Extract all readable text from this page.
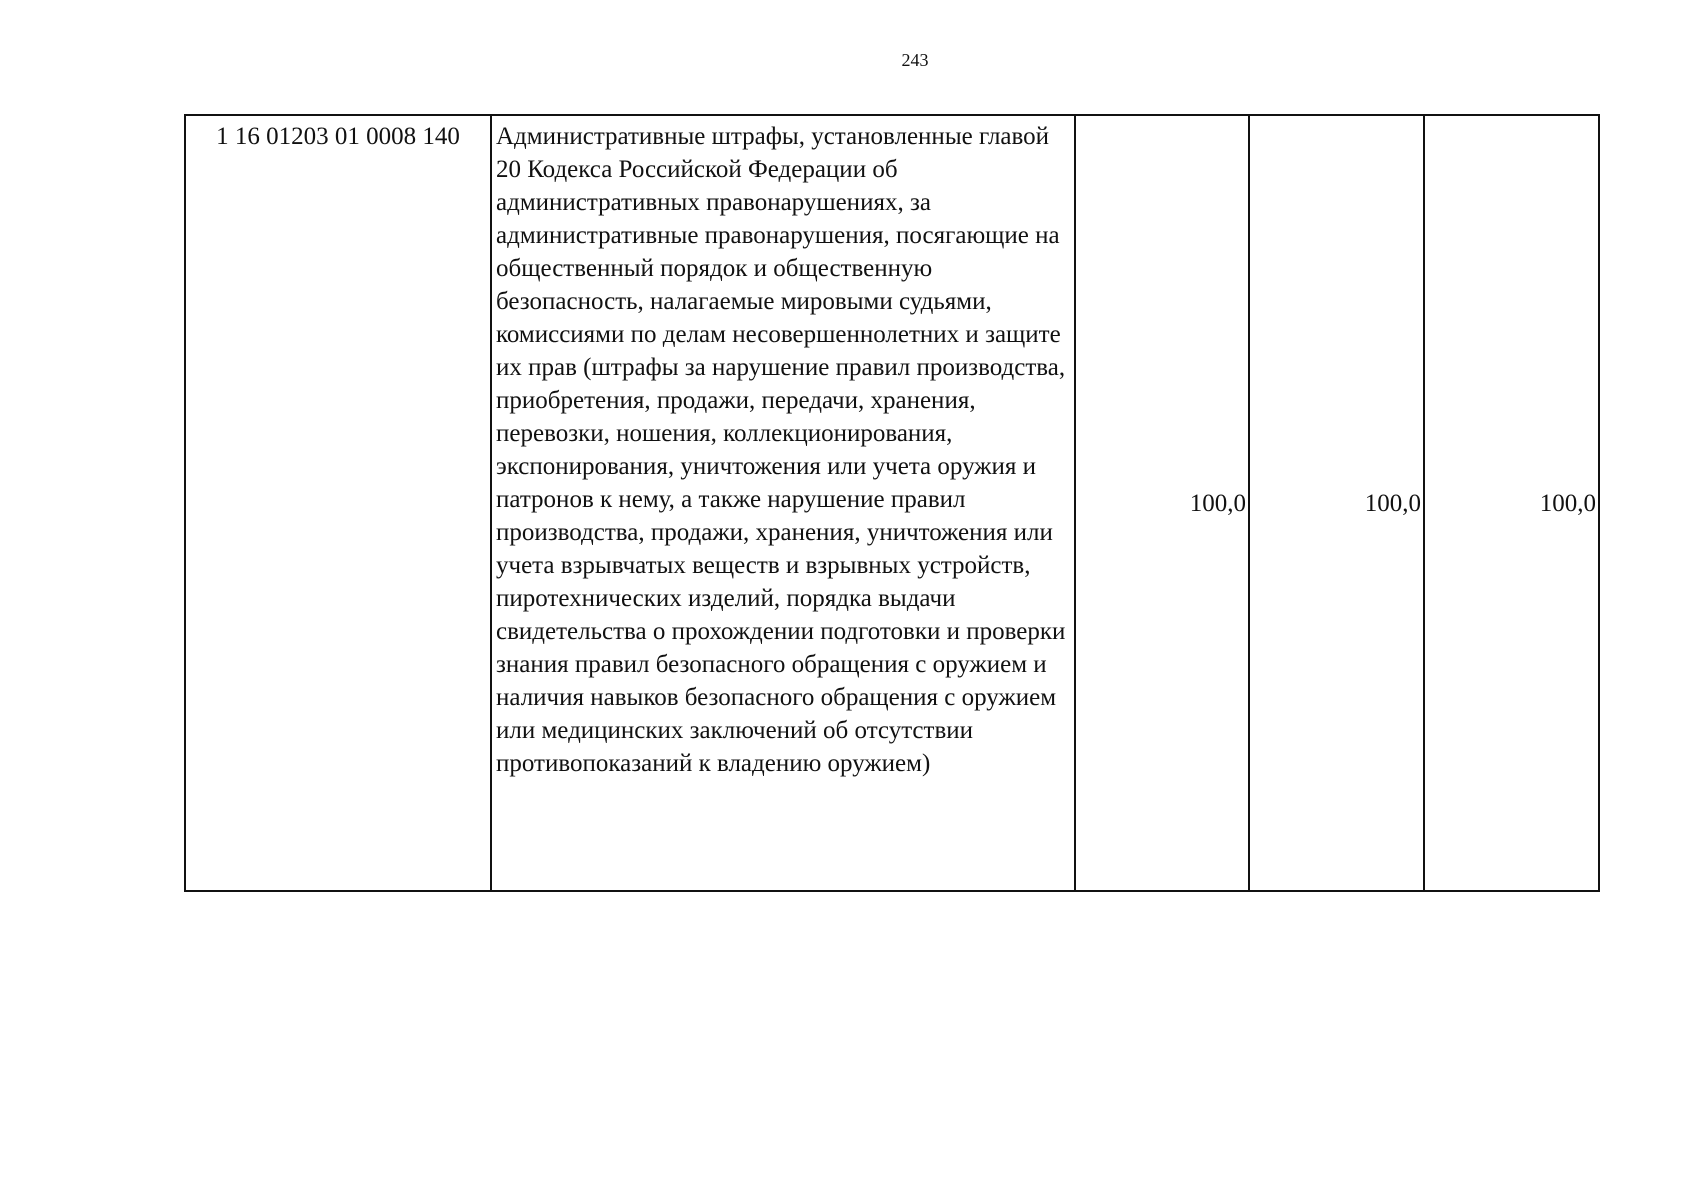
243
1 16 01203 01 0008 140	Административные штрафы, установленные главой 20 Кодекса Российской Федерации об административных правонарушениях, за административные правонарушения, посягающие на общественный порядок и общественную безопасность, налагаемые мировыми судьями, комиссиями по делам несовершеннолетних и защите их прав (штрафы за нарушение правил производства, приобретения, продажи, передачи, хранения, перевозки, ношения, коллекционирования, экспонирования, уничтожения или учета оружия и патронов к нему, а также нарушение правил производства, продажи, хранения, уничтожения или учета взрывчатых веществ и взрывных устройств, пиротехнических изделий, порядка выдачи свидетельства о прохождении подготовки и проверки знания правил безопасного обращения с оружием и наличия навыков безопасного обращения с оружием или медицинских заключений об отсутствии противопоказаний к владению оружием)	100,0	100,0	100,0
